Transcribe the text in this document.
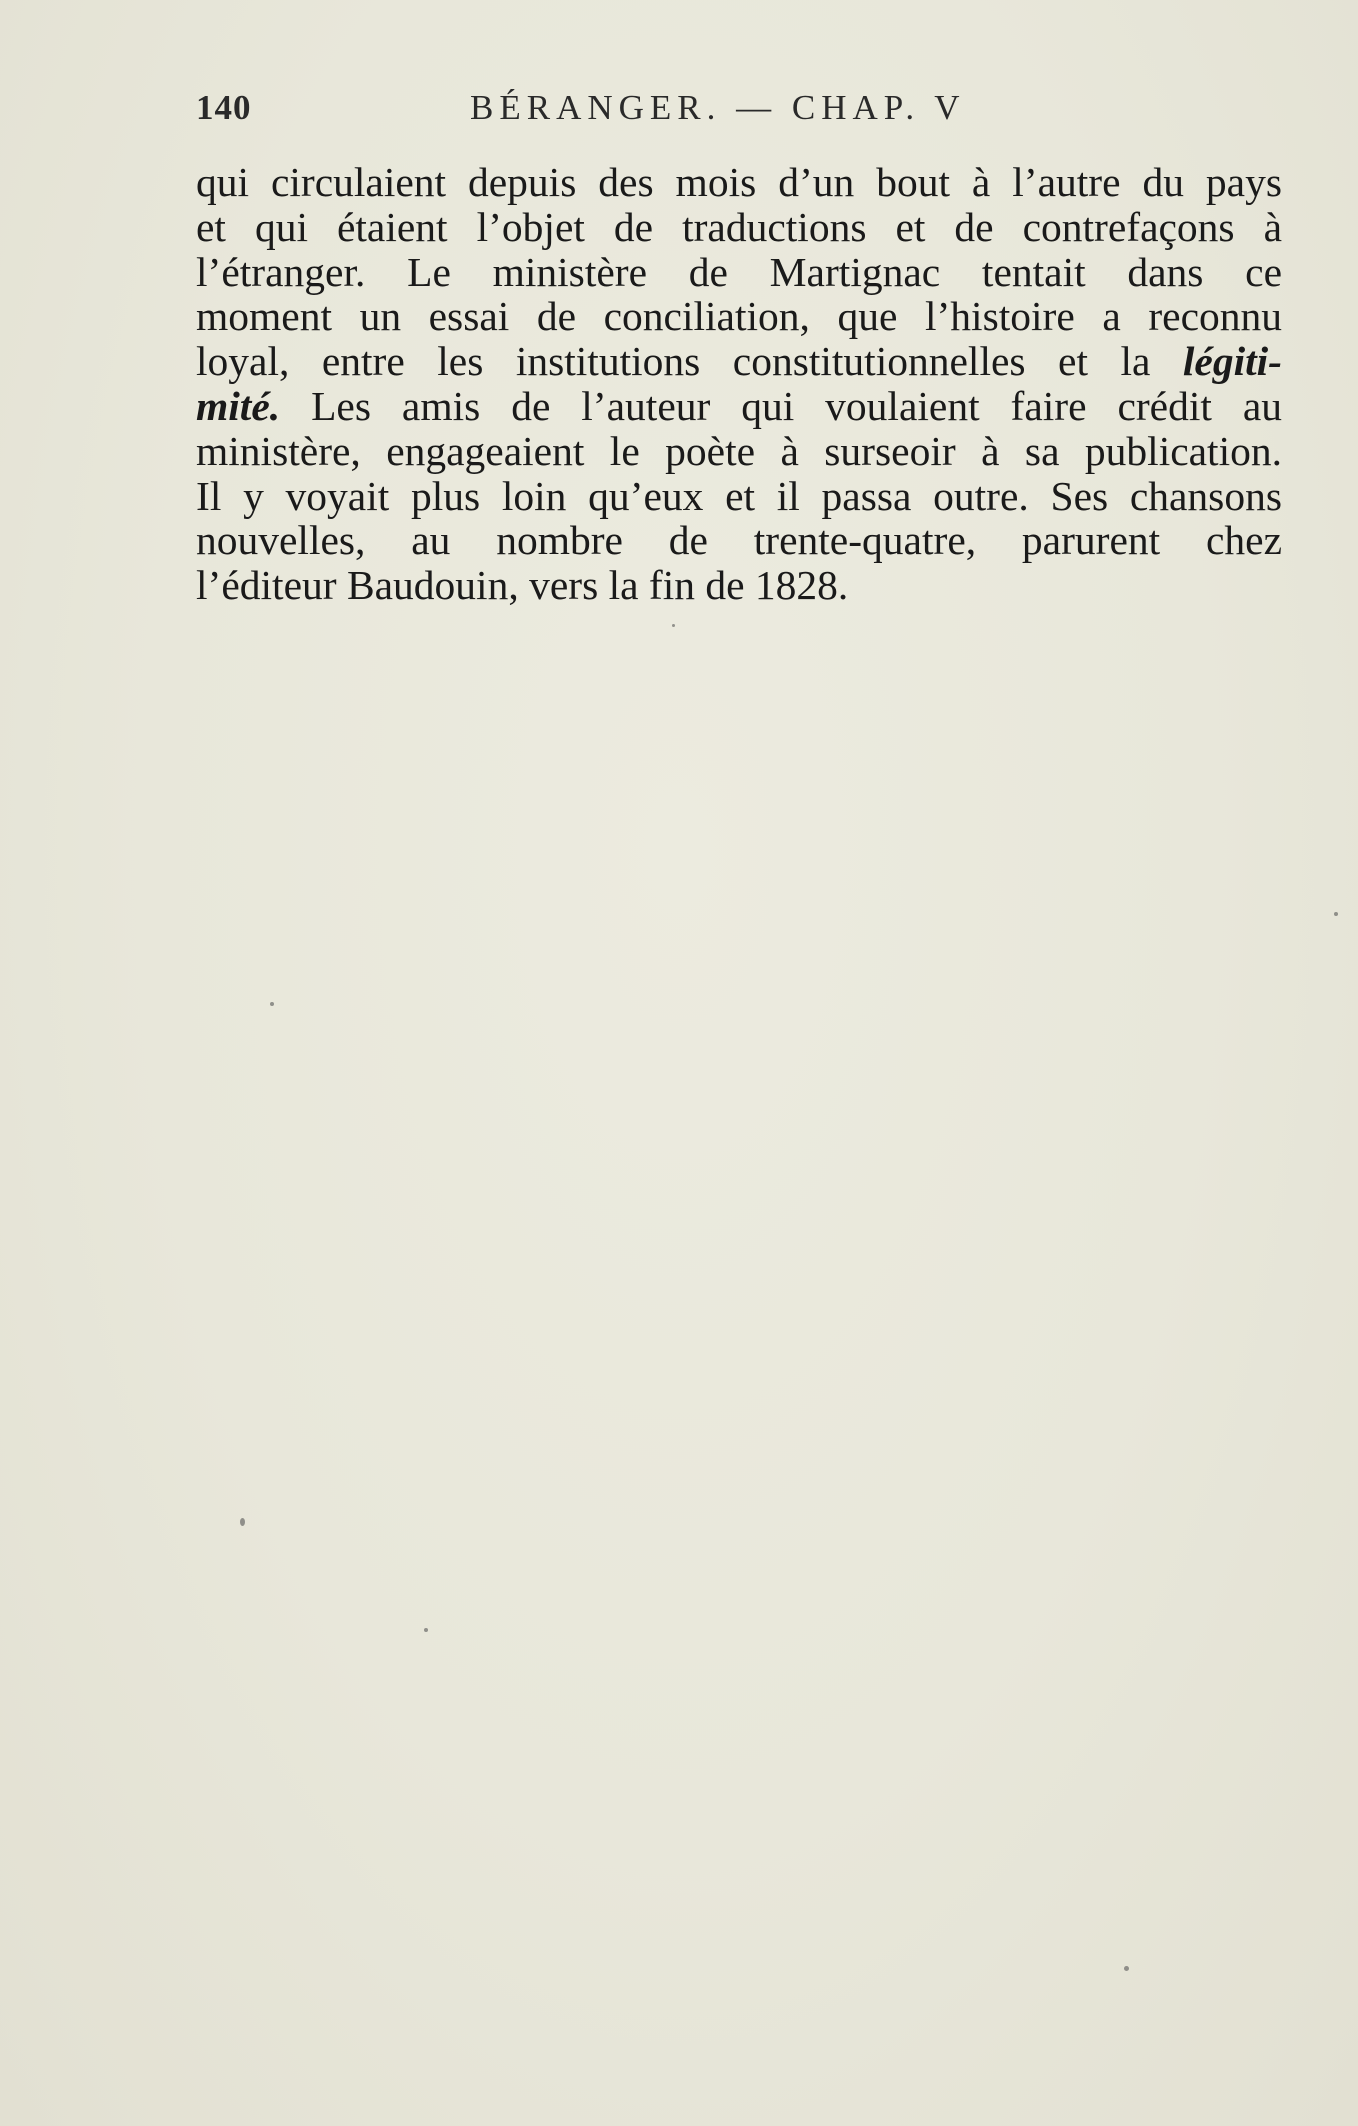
140	BÉRANGER. — CHAP. V
qui circulaient depuis des mois d’un bout à l’autre du pays
et qui étaient l’objet de traductions et de contrefaçons à
l’étranger. Le ministère de Martignac tentait dans ce
moment un essai de conciliation, que l’histoire a reconnu
loyal, entre les institutions constitutionnelles et la légiti-
mité. Les amis de l’auteur qui voulaient faire crédit au
ministère, engageaient le poète à surseoir à sa publication.
Il y voyait plus loin qu’eux et il passa outre. Ses chansons
nouvelles, au nombre de trente-quatre, parurent chez
l’éditeur Baudouin, vers la fin de 1828.
